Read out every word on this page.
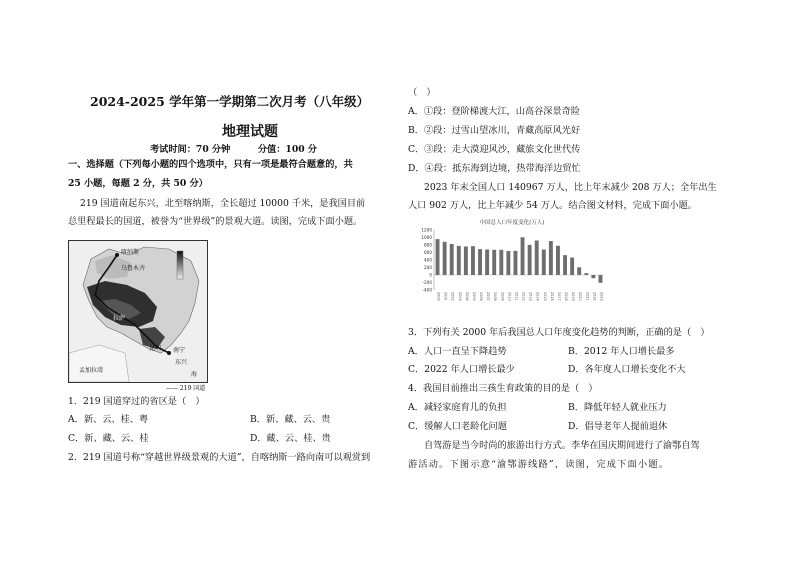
2024-2025 学年第一学期第二次月考（八年级）
地理试题
考试时间：70 分钟　　　分值：100 分
一、选择题（下列每小题的四个选项中，只有一项是最符合题意的，共
25 小题，每题 2 分，共 50 分）
219 国道南起东兴，北至喀纳斯，全长超过 10000 千米，是我国目前
总里程最长的国道，被誉为“世界级”的景观大道。读图，完成下面小题。
喀纳斯
乌鲁木齐
拉萨
昆明 南宁
东兴
孟加拉湾
海
—— 219 国道
1．219 国道穿过的省区是（　）
A．新、云、桂、粤	B．新、藏、云、贵
C．新、藏、云、桂	D．藏、云、桂、贵
2．219 国道号称“穿越世界级景观的大道”，自喀纳斯一路向南可以观赏到
（　）
A．①段：登阶梯渡大江，山高谷深景奇险
B．②段：过雪山望冰川，青藏高原风光好
C．③段：走大漠迎风沙，藏旅文化世代传
D．④段：抵东海到边境，热带海洋边贸忙
2023 年末全国人口 140967 万人，比上年末减少 208 万人；全年出生
人口 902 万人，比上年减少 54 万人。结合图文材料，完成下面小题。
中国总人口年度变化(万人)
1200
1000
800
600
400
200
0
-200
-400
2000 2001 2002 2003 2004 2005 2006 2007 2008 2009 2010 2011 2012 2013 2014 2015 2016 2017 2018 2019 2020 2021 2022 2023
3．下列有关 2000 年后我国总人口年度变化趋势的判断，正确的是（　）
A．人口一直呈下降趋势	B．2012 年人口增长最多
C．2022 年人口增长最少	D．各年度人口增长变化不大
4．我国目前推出三孩生育政策的目的是（　）
A．减轻家庭育儿的负担	B．降低年轻人就业压力
C．缓解人口老龄化问题	D．倡导老年人提前退休
自驾游是当今时尚的旅游出行方式。李华在国庆期间进行了渝鄂自驾
游活动。下图示意“渝鄂游线路”，读图，完成下面小题。
